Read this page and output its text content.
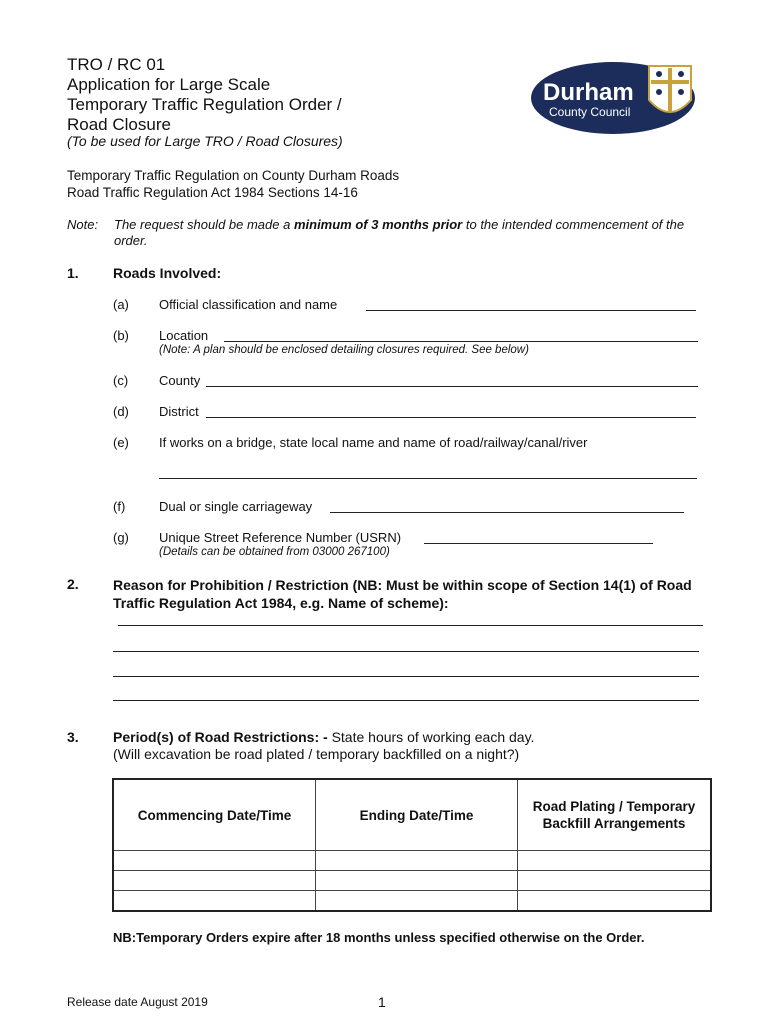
TRO / RC 01
Application for Large Scale
Temporary Traffic Regulation Order /
Road Closure
(To be used for Large TRO / Road Closures)
Durham
County Council
Temporary Traffic Regulation on County Durham Roads
Road Traffic Regulation Act 1984 Sections 14-16
Note: The request should be made a minimum of 3 months prior to the intended commencement of the order.
1. Roads Involved:
(a) Official classification and name
(b) Location
(Note: A plan should be enclosed detailing closures required. See below)
(c) County
(d) District
(e) If works on a bridge, state local name and name of road/railway/canal/river
(f)	Dual or single carriageway
(g) Unique Street Reference Number (USRN)
(Details can be obtained from 03000 267100)
2. Reason for Prohibition / Restriction (NB: Must be within scope of Section 14(1) of Road Traffic Regulation Act 1984, e.g. Name of scheme):
3. Period(s) of Road Restrictions: - State hours of working each day.
(Will excavation be road plated / temporary backfilled on a night?)
Commencing Date/Time	Ending Date/Time	Road Plating / Temporary Backfill Arrangements

NB:Temporary Orders expire after 18 months unless specified otherwise on the Order.
Release date August 2019	1
